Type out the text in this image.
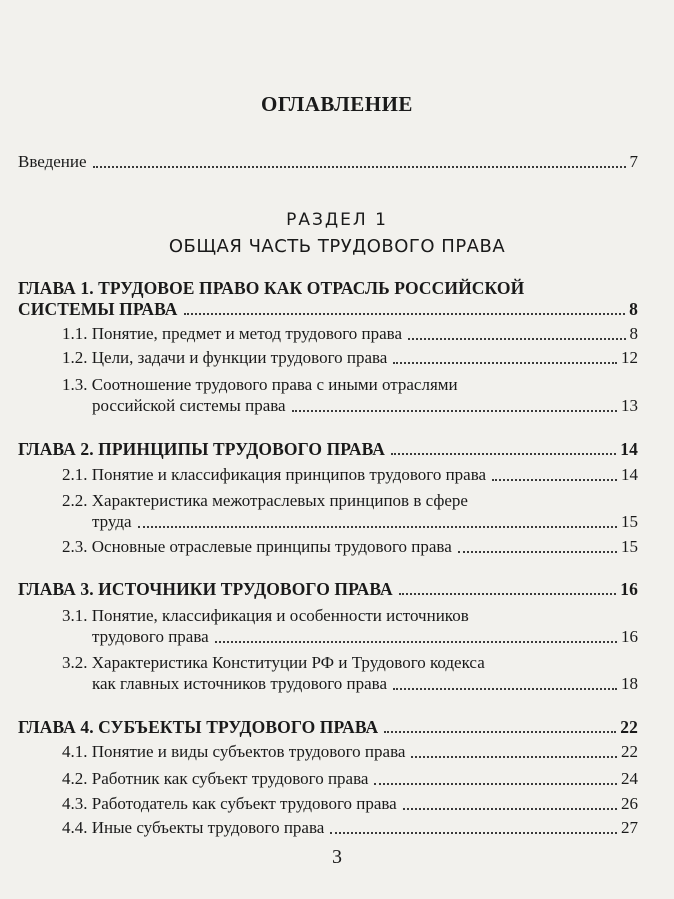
ОГЛАВЛЕНИЕ
Введение	7
РАЗДЕЛ 1
ОБЩАЯ ЧАСТЬ ТРУДОВОГО ПРАВА
ГЛАВА 1. ТРУДОВОЕ ПРАВО КАК ОТРАСЛЬ РОССИЙСКОЙ
СИСТЕМЫ ПРАВА	8
1.1. Понятие, предмет и метод трудового права	8
1.2. Цели, задачи и функции трудового права	12
1.3. Соотношение трудового права с иными отраслями
российской системы права	13
ГЛАВА 2. ПРИНЦИПЫ ТРУДОВОГО ПРАВА	14
2.1. Понятие и классификация принципов трудового права	14
2.2. Характеристика межотраслевых принципов в сфере
труда	15
2.3. Основные отраслевые принципы трудового права	15
ГЛАВА 3. ИСТОЧНИКИ ТРУДОВОГО ПРАВА	16
3.1. Понятие, классификация и особенности источников
трудового права	16
3.2. Характеристика Конституции РФ и Трудового кодекса
как главных источников трудового права	18
ГЛАВА 4. СУБЪЕКТЫ ТРУДОВОГО ПРАВА	22
4.1. Понятие и виды субъектов трудового права	22
4.2. Работник как субъект трудового права	24
4.3. Работодатель как субъект трудового права	26
4.4. Иные субъекты трудового права	27
3
